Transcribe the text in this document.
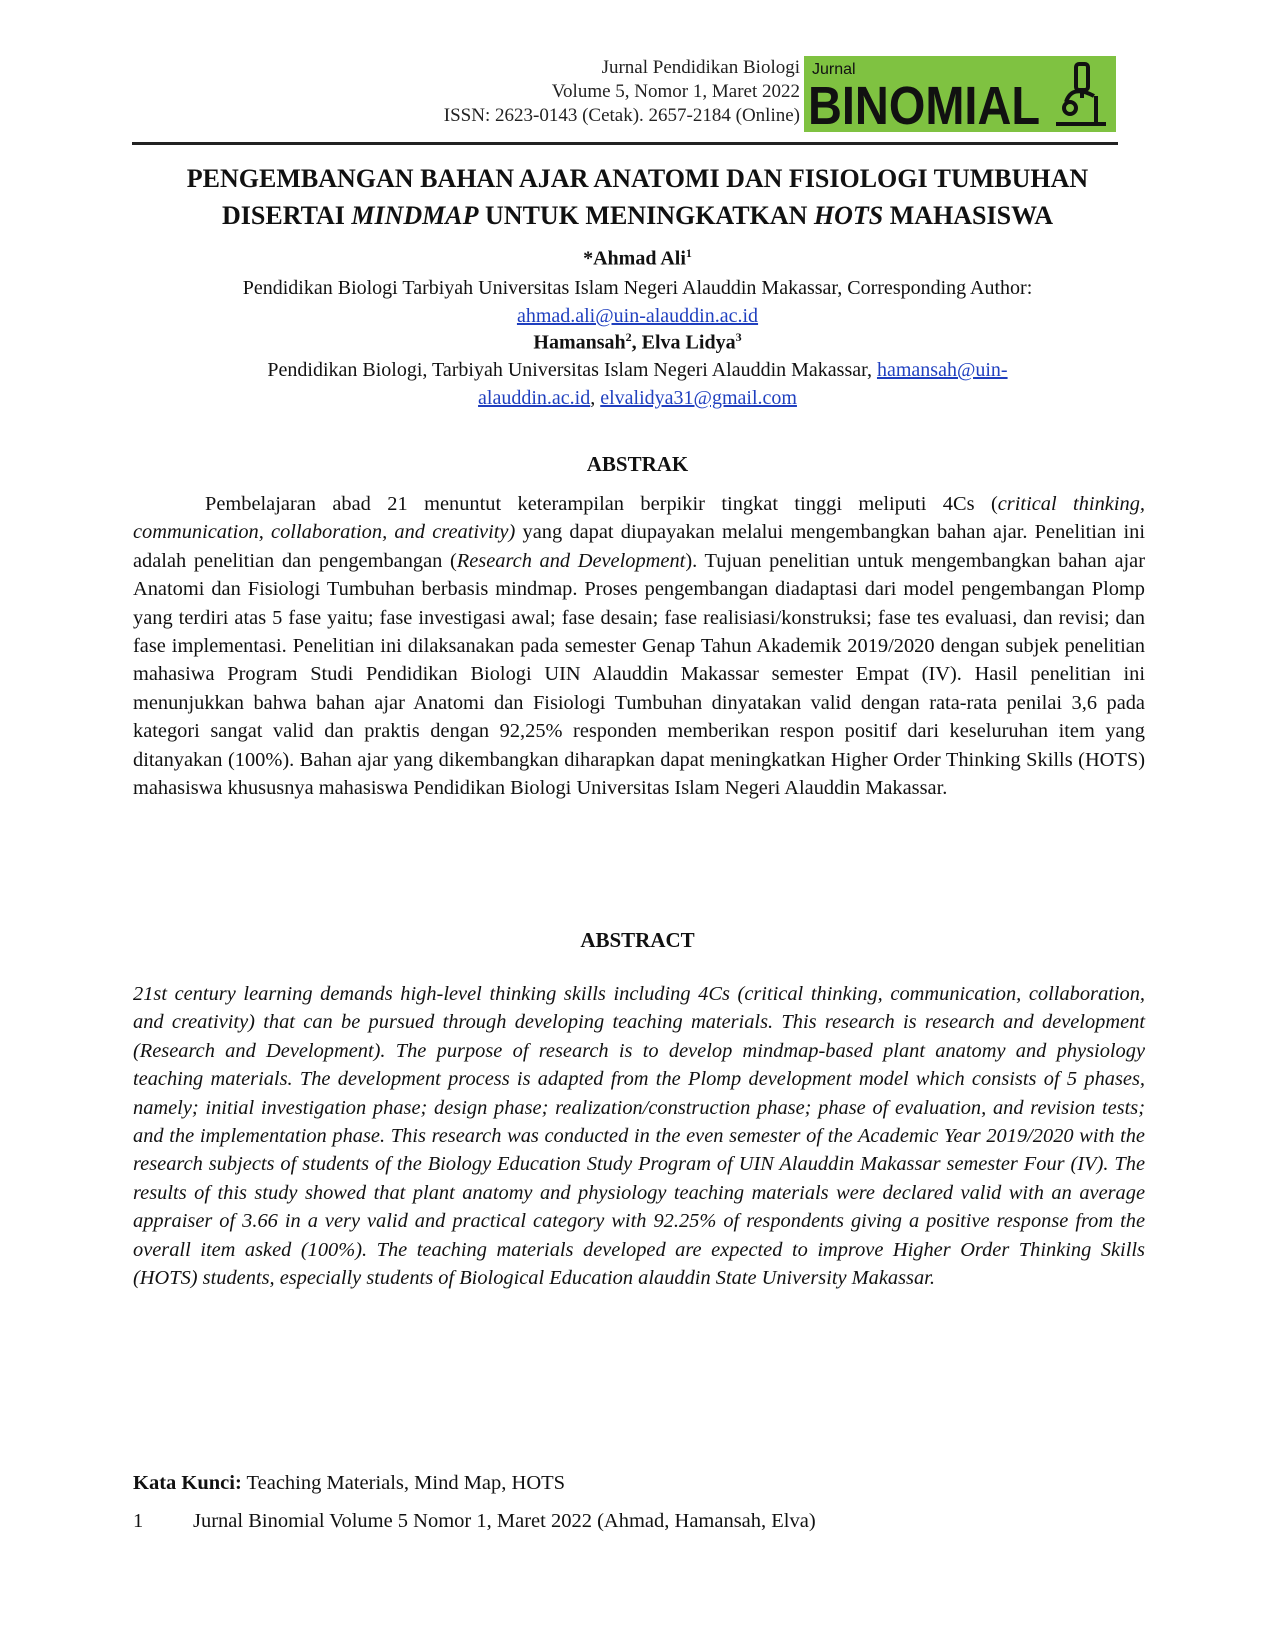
Jurnal Pendidikan Biologi
Volume 5, Nomor 1, Maret 2022
ISSN: 2623-0143 (Cetak). 2657-2184 (Online)
Jurnal
BINOMIAL
PENGEMBANGAN BAHAN AJAR ANATOMI DAN FISIOLOGI TUMBUHAN
DISERTAI MINDMAP UNTUK MENINGKATKAN HOTS MAHASISWA
*Ahmad Ali$^1$
Pendidikan Biologi Tarbiyah Universitas Islam Negeri Alauddin Makassar, Corresponding Author:
ahmad.ali@uin-alauddin.ac.id
Hamansah$^2$, Elva Lidya$^3$
Pendidikan Biologi, Tarbiyah Universitas Islam Negeri Alauddin Makassar, hamansah@uin-
alauddin.ac.id, elvalidya31@gmail.com
ABSTRAK

Pembelajaran abad 21 menuntut keterampilan berpikir tingkat tinggi meliputi 4Cs (critical thinking, communication, collaboration, and creativity) yang dapat diupayakan melalui mengembangkan bahan ajar. Penelitian ini adalah penelitian dan pengembangan (Research and Development). Tujuan penelitian untuk mengembangkan bahan ajar Anatomi dan Fisiologi Tumbuhan berbasis mindmap. Proses pengembangan diadaptasi dari model pengembangan Plomp yang terdiri atas 5 fase yaitu; fase investigasi awal; fase desain; fase realisiasi/konstruksi; fase tes evaluasi, dan revisi; dan fase implementasi. Penelitian ini dilaksanakan pada semester Genap Tahun Akademik 2019/2020 dengan subjek penelitian mahasiwa Program Studi Pendidikan Biologi UIN Alauddin Makassar semester Empat (IV). Hasil penelitian ini menunjukkan bahwa bahan ajar Anatomi dan Fisiologi Tumbuhan dinyatakan valid dengan rata-rata penilai 3,6 pada kategori sangat valid dan praktis dengan 92,25% responden memberikan respon positif dari keseluruhan item yang ditanyakan (100%). Bahan ajar yang dikembangkan diharapkan dapat meningkatkan Higher Order Thinking Skills (HOTS) mahasiswa khususnya mahasiswa Pendidikan Biologi Universitas Islam Negeri Alauddin Makassar.

ABSTRACT

21st century learning demands high-level thinking skills including 4Cs (critical thinking, communication, collaboration, and creativity) that can be pursued through developing teaching materials. This research is research and development (Research and Development). The purpose of research is to develop mindmap-based plant anatomy and physiology teaching materials. The development process is adapted from the Plomp development model which consists of 5 phases, namely; initial investigation phase; design phase; realization/construction phase; phase of evaluation, and revision tests; and the implementation phase. This research was conducted in the even semester of the Academic Year 2019/2020 with the research subjects of students of the Biology Education Study Program of UIN Alauddin Makassar semester Four (IV). The results of this study showed that plant anatomy and physiology teaching materials were declared valid with an average appraiser of 3.66 in a very valid and practical category with 92.25% of respondents giving a positive response from the overall item asked (100%). The teaching materials developed are expected to improve Higher Order Thinking Skills (HOTS) students, especially students of Biological Education alauddin State University Makassar.

Kata Kunci: Teaching Materials, Mind Map, HOTS
1 Jurnal Binomial Volume 5 Nomor 1, Maret 2022 (Ahmad, Hamansah, Elva)
